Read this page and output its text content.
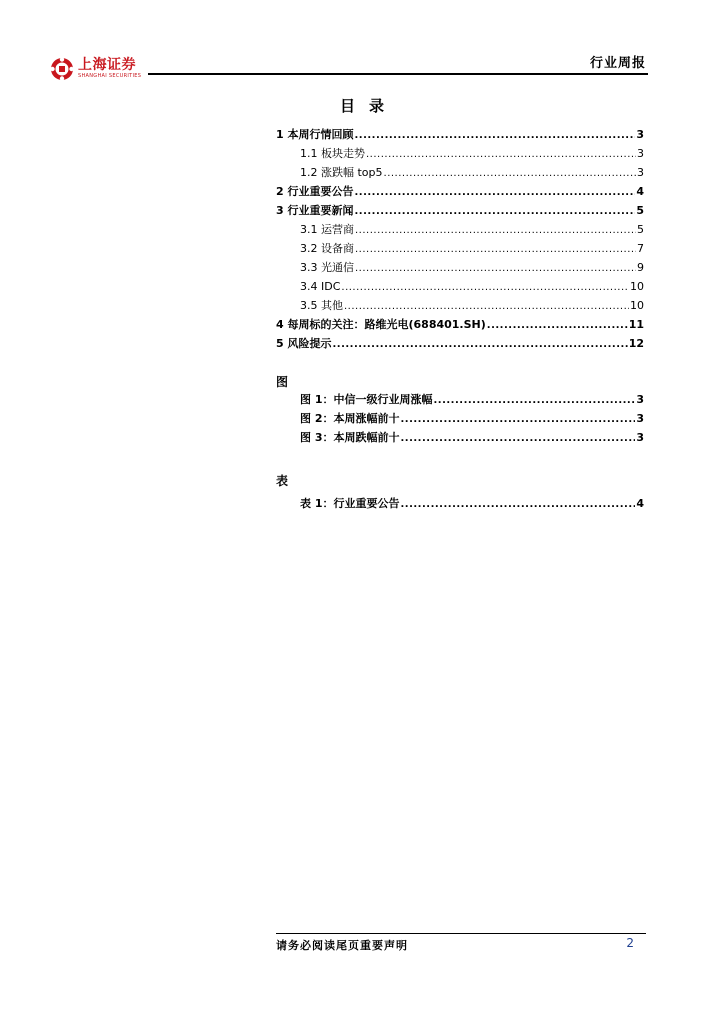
上海证券
SHANGHAI SECURITIES
行业周报
目录
1 本周行情回顾 .....	3
1.1 板块走势 .....	3
1.2 涨跌幅 top5 .....	3
2 行业重要公告 .....	4
3 行业重要新闻 .....	5
3.1 运营商 .....	5
3.2 设备商 .....	7
3.3 光通信 .....	9
3.4 IDC .....	10
3.5 其他 .....	10
4 每周标的关注：路维光电(688401.SH) .....	11
5 风险提示 .....	12
图
图 1：中信一级行业周涨幅 .....	3
图 2：本周涨幅前十 .....	3
图 3：本周跌幅前十 .....	3
表
表 1：行业重要公告 .....	4
请务必阅读尾页重要声明	2
